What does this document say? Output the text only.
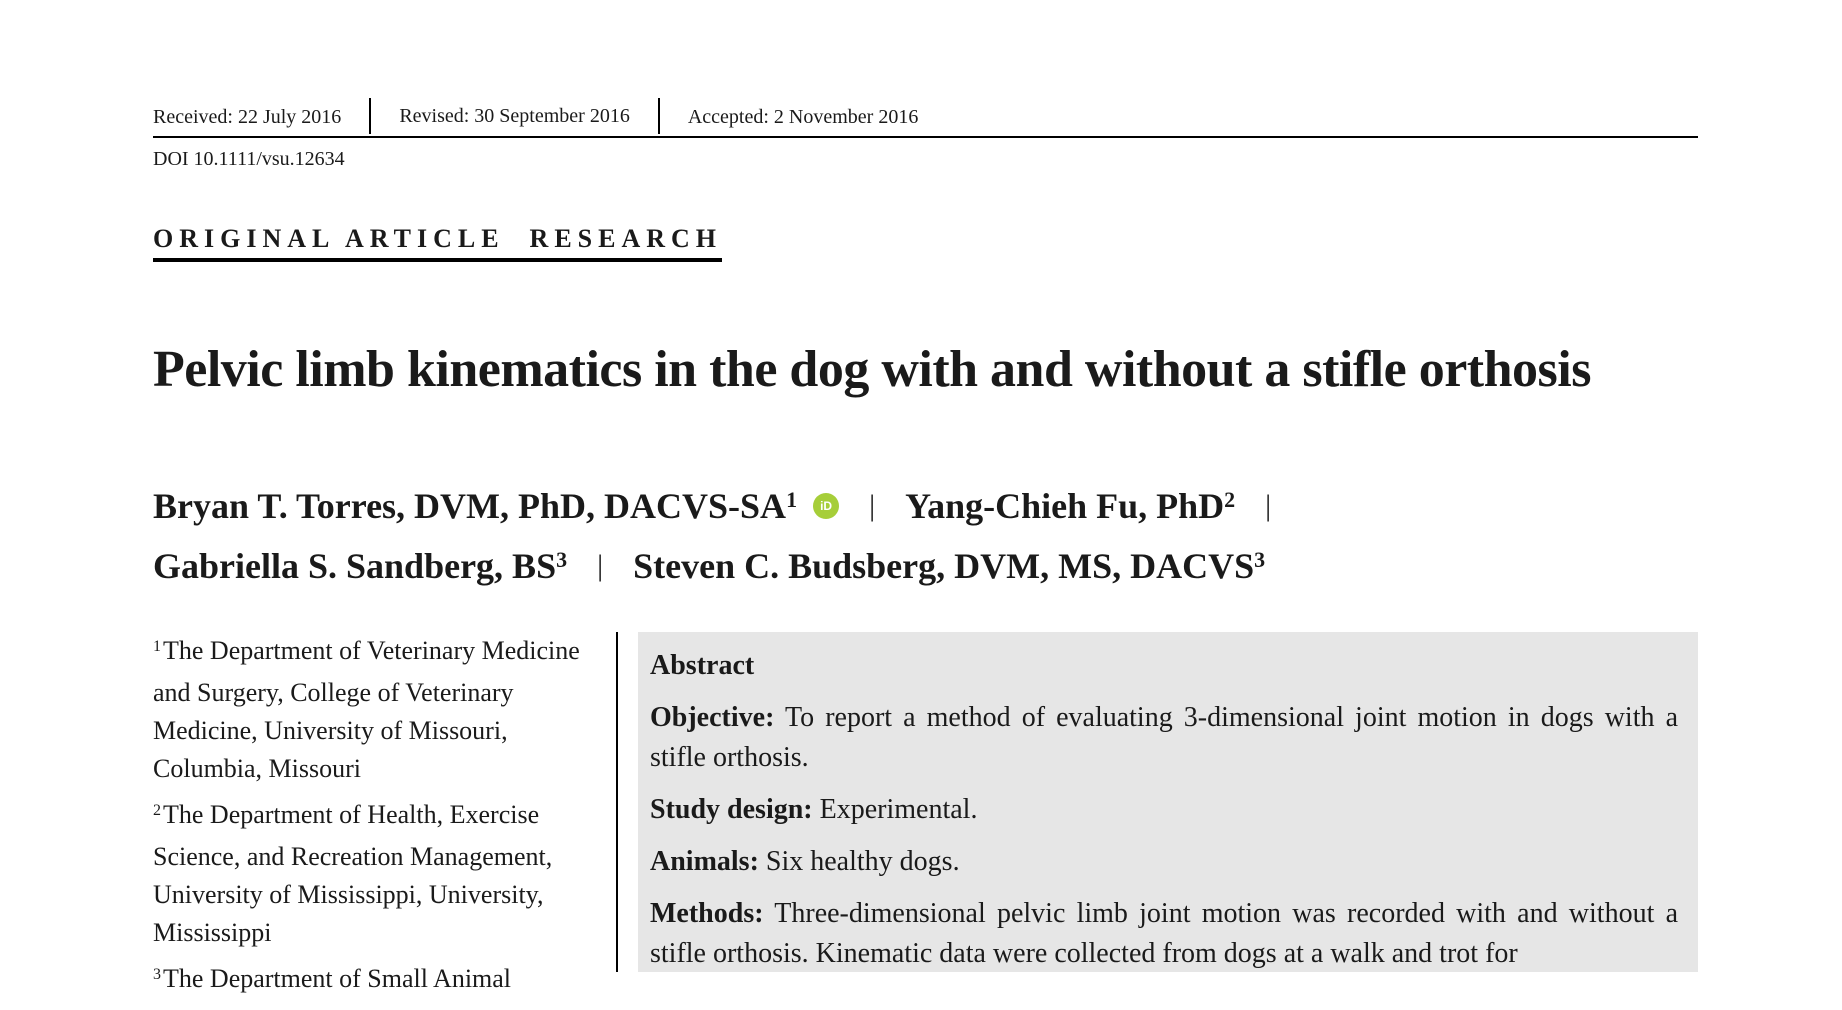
Received: 22 July 2016	Revised: 30 September 2016	Accepted: 2 November 2016
DOI 10.1111/vsu.12634
ORIGINAL ARTICLE  RESEARCH
Pelvic limb kinematics in the dog with and without a stifle orthosis
Bryan T. Torres, DVM, PhD, DACVS-$SA^1$	iD | Yang-Chieh Fu, PhD$^2$ |
Gabriella S. Sandberg, $BS^3$ | Steven C. Budsberg, DVM, MS, DACVS$^3$
$^1$The Department of Veterinary Medicine and Surgery, College of Veterinary Medicine, University of Missouri, Columbia, Missouri
$^2$The Department of Health, Exercise Science, and Recreation Management, University of Mississippi, University, Mississippi
$^3$The Department of Small Animal
Abstract

Objective: To report a method of evaluating 3-dimensional joint motion in dogs with a stifle orthosis.

Study design: Experimental.

Animals: Six healthy dogs.

Methods: Three-dimensional pelvic limb joint motion was recorded with and without a stifle orthosis. Kinematic data were collected from dogs at a walk and trot for
